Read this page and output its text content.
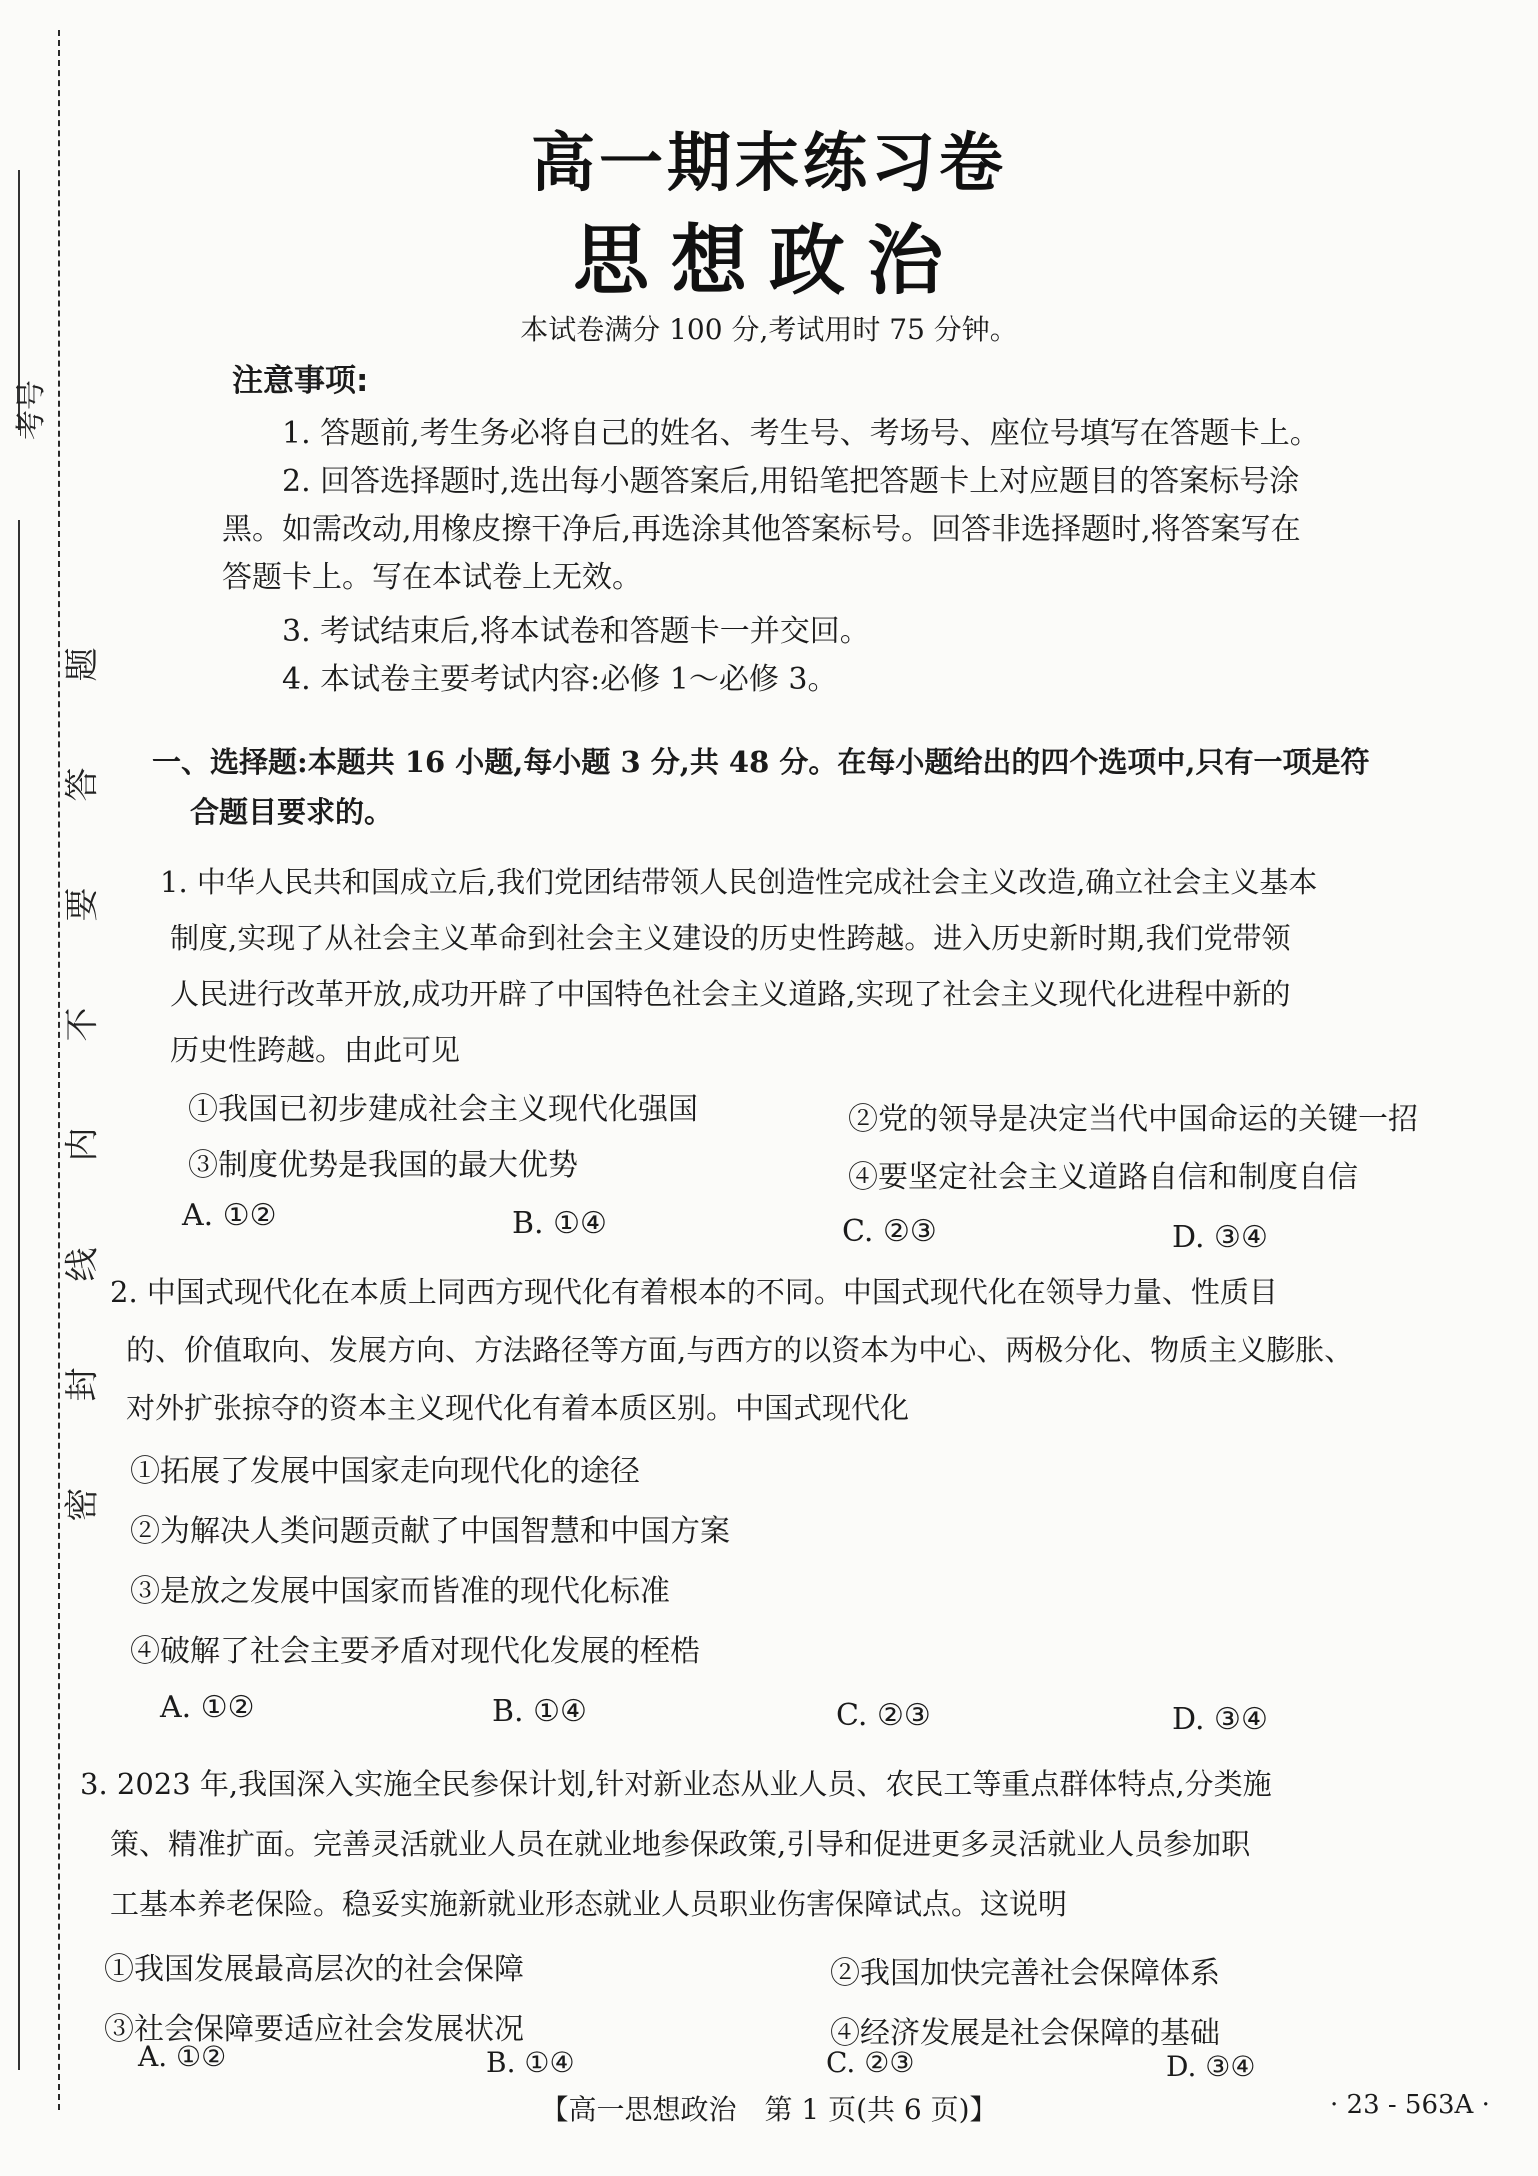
考号
题
答
要
不
内
线
封
密
高一期末练习卷
思想政治
本试卷满分 100 分,考试用时 75 分钟。
注意事项:
1. 答题前,考生务必将自己的姓名、考生号、考场号、座位号填写在答题卡上。
2. 回答选择题时,选出每小题答案后,用铅笔把答题卡上对应题目的答案标号涂
黑。如需改动,用橡皮擦干净后,再选涂其他答案标号。回答非选择题时,将答案写在
答题卡上。写在本试卷上无效。
3. 考试结束后,将本试卷和答题卡一并交回。
4. 本试卷主要考试内容:必修 1～必修 3。
一、选择题:本题共 16 小题,每小题 3 分,共 48 分。在每小题给出的四个选项中,只有一项是符
合题目要求的。
1. 中华人民共和国成立后,我们党团结带领人民创造性完成社会主义改造,确立社会主义基本
制度,实现了从社会主义革命到社会主义建设的历史性跨越。进入历史新时期,我们党带领
人民进行改革开放,成功开辟了中国特色社会主义道路,实现了社会主义现代化进程中新的
历史性跨越。由此可见
①我国已初步建成社会主义现代化强国	②党的领导是决定当代中国命运的关键一招
③制度优势是我国的最大优势	④要坚定社会主义道路自信和制度自信
A. ①②	B. ①④	C. ②③	D. ③④
2. 中国式现代化在本质上同西方现代化有着根本的不同。中国式现代化在领导力量、性质目
的、价值取向、发展方向、方法路径等方面,与西方的以资本为中心、两极分化、物质主义膨胀、
对外扩张掠夺的资本主义现代化有着本质区别。中国式现代化
①拓展了发展中国家走向现代化的途径
②为解决人类问题贡献了中国智慧和中国方案
③是放之发展中国家而皆准的现代化标准
④破解了社会主要矛盾对现代化发展的桎梏
A. ①②	B. ①④	C. ②③	D. ③④
3. 2023 年,我国深入实施全民参保计划,针对新业态从业人员、农民工等重点群体特点,分类施
策、精准扩面。完善灵活就业人员在就业地参保政策,引导和促进更多灵活就业人员参加职
工基本养老保险。稳妥实施新就业形态就业人员职业伤害保障试点。这说明
①我国发展最高层次的社会保障	②我国加快完善社会保障体系
③社会保障要适应社会发展状况	④经济发展是社会保障的基础
A. ①②	B. ①④	C. ②③	D. ③④
【高一思想政治　第 1 页(共 6 页)】	· 23 - 563A ·
